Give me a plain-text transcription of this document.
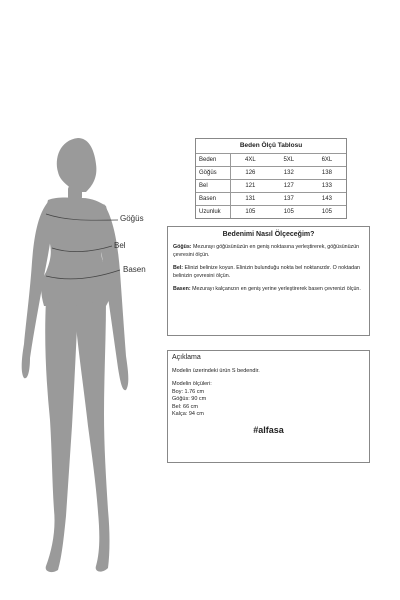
Göğüs
Bel
Basen
Beden Ölçü Tablosu
Beden	4XL	5XL	6XL
Göğüs	126	132	138
Bel	121	127	133
Basen	131	137	143
Uzunluk	105	105	105
Bedenimi Nasıl Ölçeceğim?

Göğüs: Mezurayı göğüsünüzün en geniş noktasına yerleştirerek, göğüsünüzün çevresini ölçün.

Bel: Elinizi belinize koyun. Elinizin bulunduğu nokta bel noktanızdır. O noktadan belinizin çevresini ölçün.

Basen: Mezurayı kalçanızın en geniş yerine yerleştirerek basen çevrenizi ölçün.

Açıklama

Modelin üzerindeki ürün S bedendir.

Modelin ölçüleri:

Boy: 1.76 cm

Göğüs: 90 cm

Bel: 66 cm

Kalça: 94 cm

#alfasa
